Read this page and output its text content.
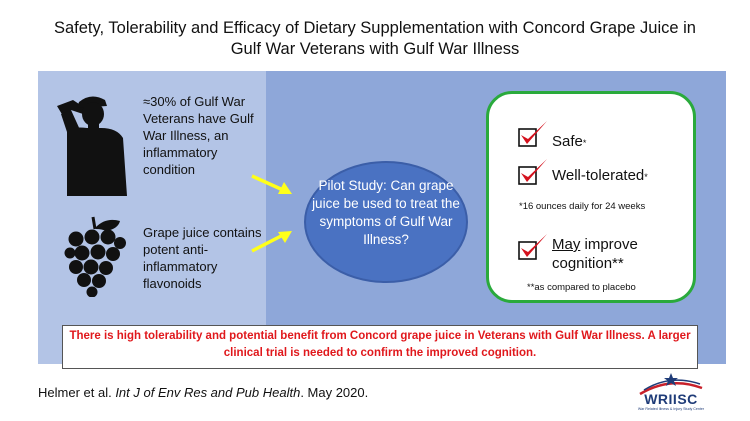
Safety, Tolerability and Efficacy of Dietary Supplementation with Concord Grape Juice in
Gulf War Veterans with Gulf War Illness
≈30% of Gulf War Veterans have Gulf War Illness, an inflammatory condition
Grape juice contains potent anti-inflammatory flavonoids
Pilot Study: Can grape juice be used to treat the symptoms of Gulf War Illness?
Safe*
Well-tolerated*
*16 ounces daily for 24 weeks
May improve
cognition**
**as compared to placebo
There is high tolerability and potential benefit from Concord grape juice in Veterans with Gulf War Illness. A larger clinical trial is needed to confirm the improved cognition.
Helmer et al. Int J of Env Res and Pub Health. May 2020.	WRIISC
War Related Illness & Injury Study Center
